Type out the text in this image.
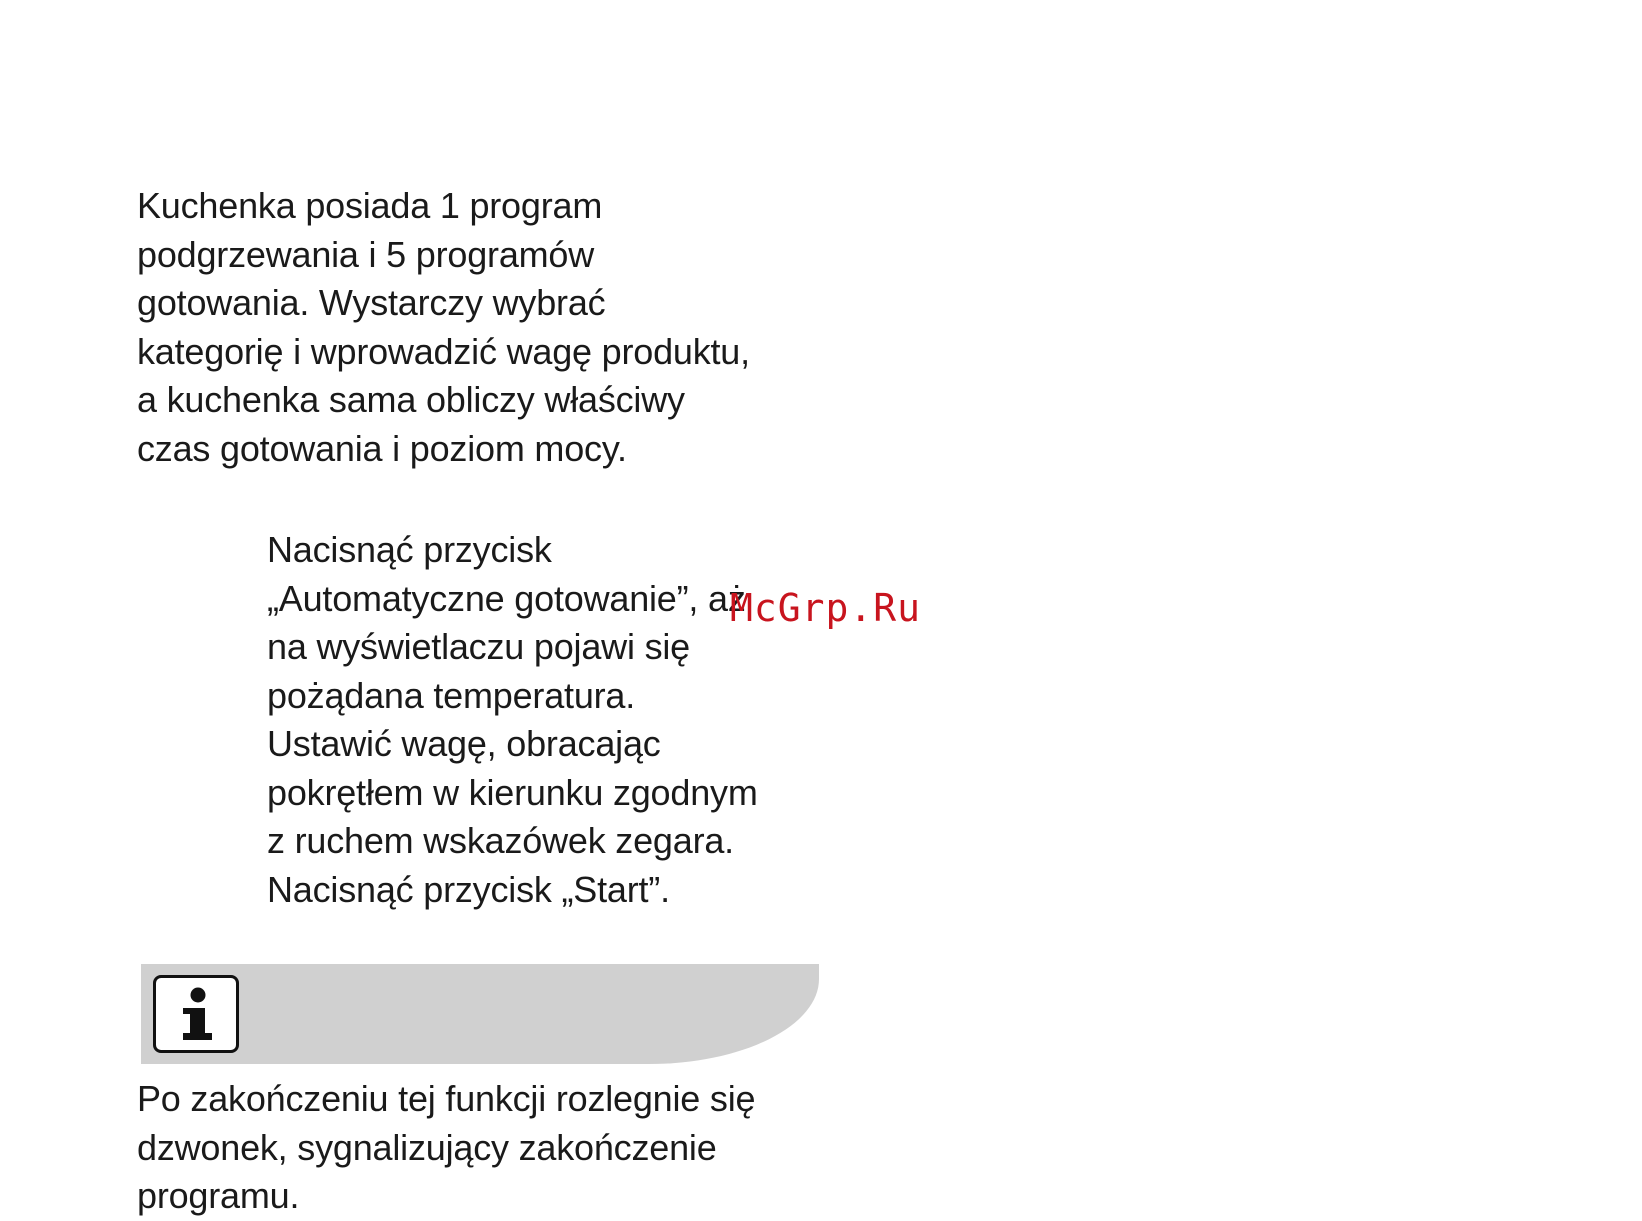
Kuchenka posiada 1 program
podgrzewania i 5 programów
gotowania. Wystarczy wybrać
kategorię i wprowadzić wagę produktu,
a kuchenka sama obliczy właściwy
czas gotowania i poziom mocy.

Nacisnąć przycisk
„Automatyczne gotowanie”, aż
na wyświetlaczu pojawi się
pożądana temperatura.
Ustawić wagę, obracając
pokrętłem w kierunku zgodnym
z ruchem wskazówek zegara.
Nacisnąć przycisk „Start”.

McGrp.Ru

Po zakończeniu tej funkcji rozlegnie się
dzwonek, sygnalizujący zakończenie
programu.
